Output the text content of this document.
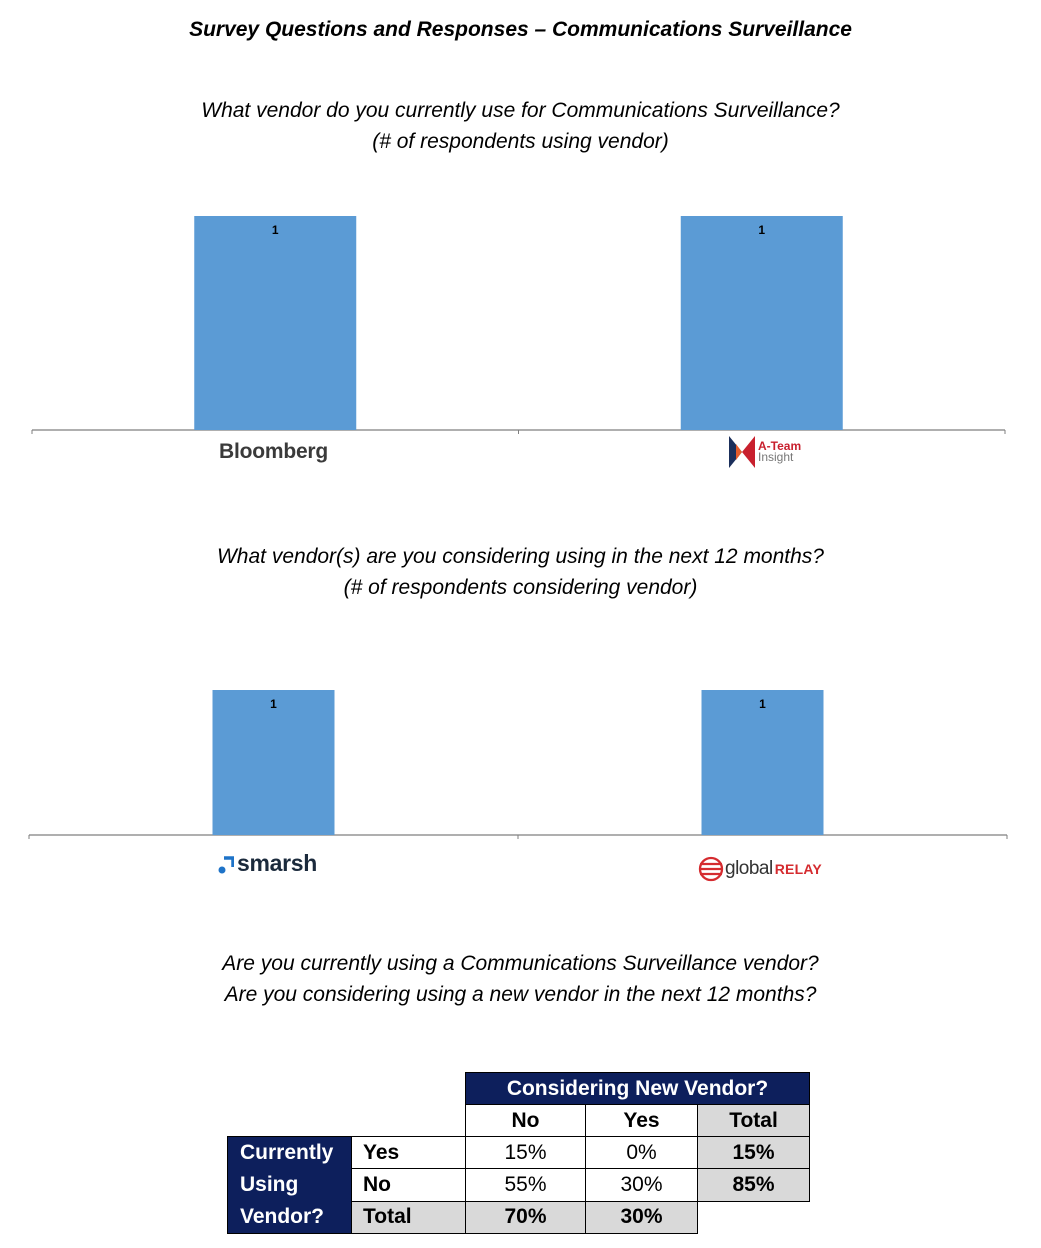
Survey Questions and Responses – Communications Surveillance
What vendor do you currently use for Communications Surveillance?
(# of respondents using vendor)
1	1
Bloomberg	A-Team
Insight
What vendor(s) are you considering using in the next 12 months?
(# of respondents considering vendor)
1	1
smarsh	global RELAY
Are you currently using a Communications Surveillance vendor?
Are you considering using a new vendor in the next 12 months?
		Considering New Vendor?		
		No	Yes	Total

Currently
Using
Vendor?	Yes	15%	0%	15%
	No	55%	30%	85%
	Total	70%	30%	
